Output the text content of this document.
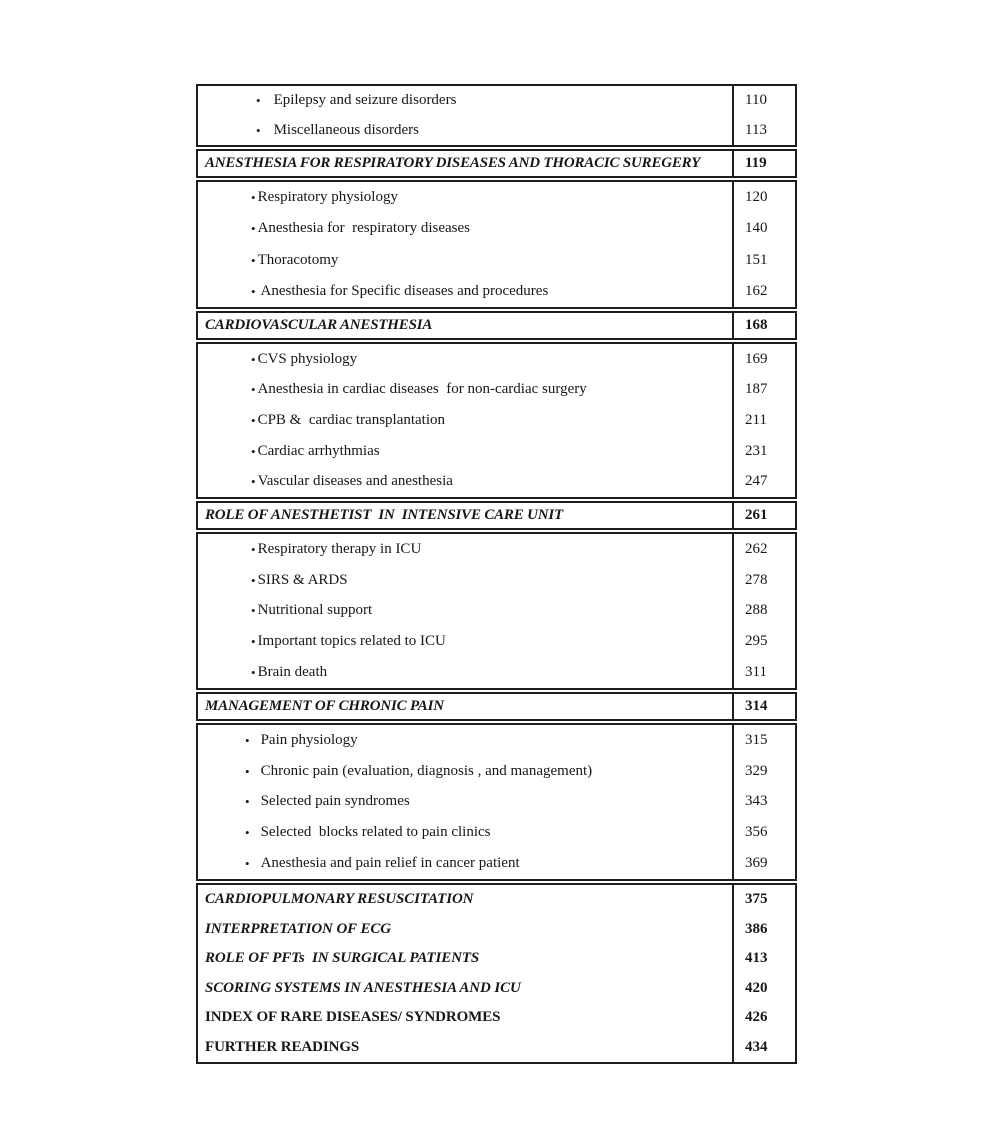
• Epilepsy and seizure disorders	110
• Miscellaneous disorders	113
ANESTHESIA FOR RESPIRATORY DISEASES AND THORACIC SUREGERY	119
• Respiratory physiology	120
• Anesthesia for  respiratory diseases	140
• Thoracotomy	151
• Anesthesia for Specific diseases and procedures	162
CARDIOVASCULAR ANESTHESIA	168
• CVS physiology	169
• Anesthesia in cardiac diseases  for non-cardiac surgery	187
• CPB &  cardiac transplantation	211
• Cardiac arrhythmias	231
• Vascular diseases and anesthesia	247
ROLE OF ANESTHETIST  IN  INTENSIVE CARE UNIT	261
• Respiratory therapy in ICU	262
• SIRS & ARDS	278
• Nutritional support	288
• Important topics related to ICU	295
• Brain death	311
MANAGEMENT OF CHRONIC PAIN	314
• Pain physiology	315
• Chronic pain (evaluation, diagnosis , and management)	329
• Selected pain syndromes	343
• Selected  blocks related to pain clinics	356
• Anesthesia and pain relief in cancer patient	369
CARDIOPULMONARY RESUSCITATION	375
INTERPRETATION OF ECG	386
ROLE OF PFTs  IN SURGICAL PATIENTS	413
SCORING SYSTEMS IN ANESTHESIA AND ICU	420
INDEX OF RARE DISEASES/ SYNDROMES	426
FURTHER READINGS	434
